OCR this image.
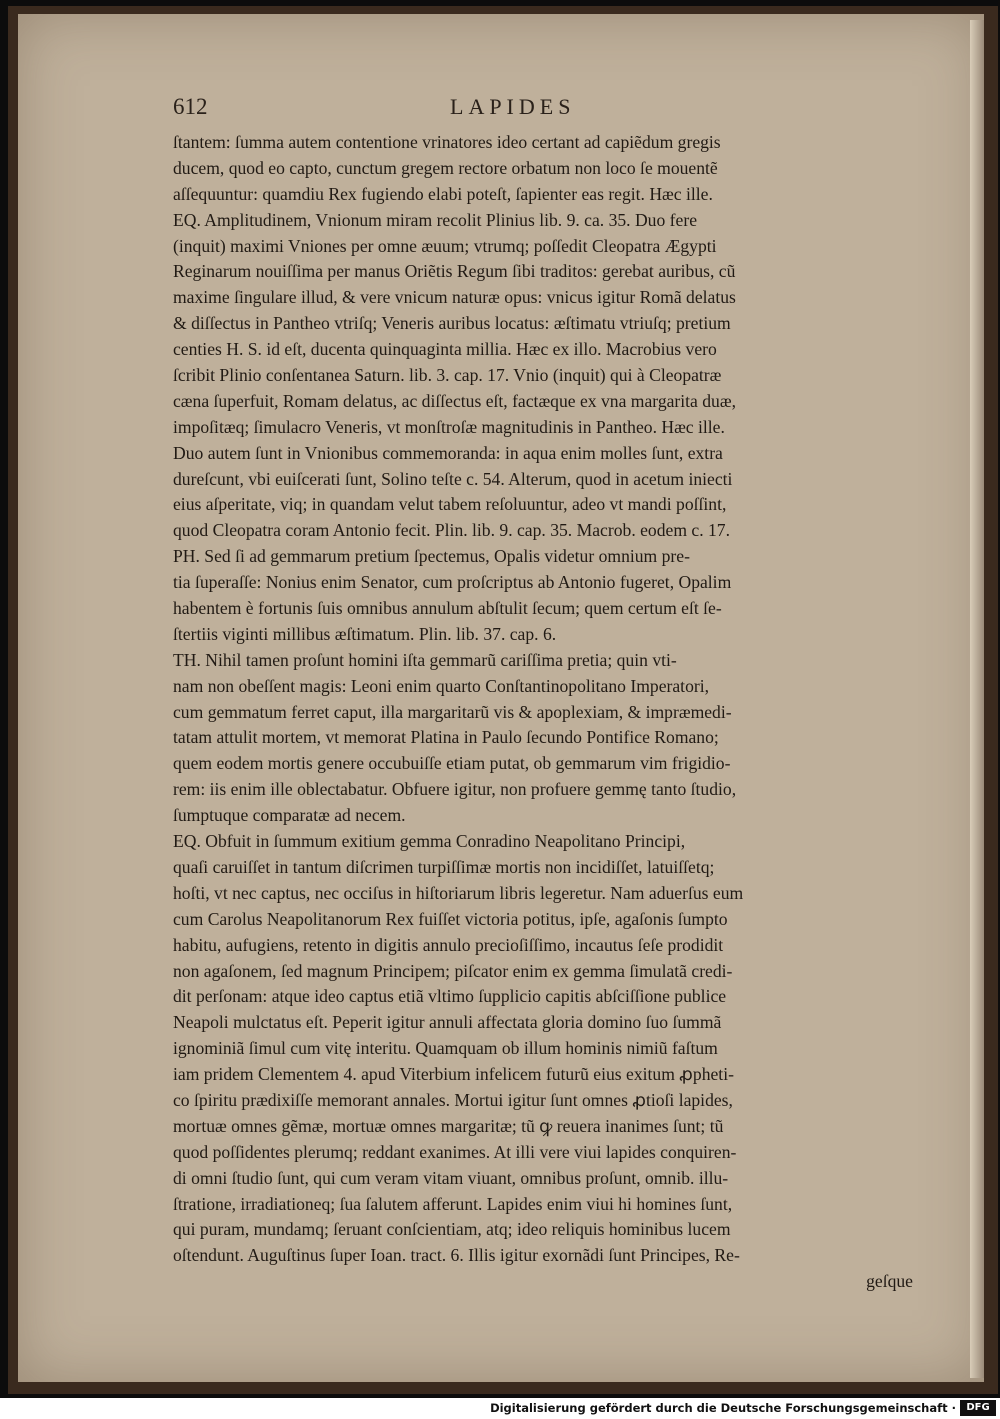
612	LAPIDES
ſtantem: ſumma autem contentione vrinatores ideo certant ad capiẽdum gregis
ducem, quod eo capto, cunctum gregem rectore orbatum non loco ſe mouentẽ
aſſequuntur: quamdiu Rex fugiendo elabi poteſt, ſapienter eas regit. Hæc ille.
EQ. Amplitudinem, Vnionum miram recolit Plinius lib. 9. ca. 35. Duo fere
(inquit) maximi Vniones per omne æuum; vtrumq; poſſedit Cleopatra Ægypti
Reginarum nouiſſima per manus Oriẽtis Regum ſibi traditos: gerebat auribus, cũ
maxime ſingulare illud, & vere vnicum naturæ opus: vnicus igitur Romã delatus
& diſſectus in Pantheo vtriſq; Veneris auribus locatus: æſtimatu vtriuſq; pretium
centies H. S. id eſt, ducenta quinquaginta millia. Hæc ex illo. Macrobius vero
ſcribit Plinio conſentanea Saturn. lib. 3. cap. 17. Vnio (inquit) qui à Cleopatræ
cæna ſuperfuit, Romam delatus, ac diſſectus eſt, factæque ex vna margarita duæ,
impoſitæq; ſimulacro Veneris, vt monſtroſæ magnitudinis in Pantheo. Hæc ille.
Duo autem ſunt in Vnionibus commemoranda: in aqua enim molles ſunt, extra
dureſcunt, vbi euiſcerati ſunt, Solino teſte c. 54. Alterum, quod in acetum iniecti
eius aſperitate, viq; in quandam velut tabem reſoluuntur, adeo vt mandi poſſint,
quod Cleopatra coram Antonio fecit. Plin. lib. 9. cap. 35. Macrob. eodem c. 17.
PH. Sed ſi ad gemmarum pretium ſpectemus, Opalis videtur omnium pre-
tia ſuperaſſe: Nonius enim Senator, cum proſcriptus ab Antonio fugeret, Opalim
habentem è fortunis ſuis omnibus annulum abſtulit ſecum; quem certum eſt ſe-
ſtertiis viginti millibus æſtimatum. Plin. lib. 37. cap. 6.
TH. Nihil tamen proſunt homini iſta gemmarũ cariſſima pretia; quin vti-
nam non obeſſent magis: Leoni enim quarto Conſtantinopolitano Imperatori,
cum gemmatum ferret caput, illa margaritarũ vis & apoplexiam, & impræmedi-
tatam attulit mortem, vt memorat Platina in Paulo ſecundo Pontifice Romano;
quem eodem mortis genere occubuiſſe etiam putat, ob gemmarum vim frigidio-
rem: iis enim ille oblectabatur. Obfuere igitur, non profuere gemmę tanto ſtudio,
ſumptuque comparatæ ad necem.
EQ. Obfuit in ſummum exitium gemma Conradino Neapolitano Principi,
quaſi caruiſſet in tantum diſcrimen turpiſſimæ mortis non incidiſſet, latuiſſetq;
hoſti, vt nec captus, nec occiſus in hiſtoriarum libris legeretur. Nam aduerſus eum
cum Carolus Neapolitanorum Rex fuiſſet victoria potitus, ipſe, agaſonis ſumpto
habitu, aufugiens, retento in digitis annulo precioſiſſimo, incautus ſeſe prodidit
non agaſonem, ſed magnum Principem; piſcator enim ex gemma ſimulatã credi-
dit perſonam: atque ideo captus etiã vltimo ſupplicio capitis abſciſſione publice
Neapoli mulctatus eſt. Peperit igitur annuli affectata gloria domino ſuo ſummã
ignominiã ſimul cum vitę interitu. Quamquam ob illum hominis nimiũ faſtum
iam pridem Clementem 4. apud Viterbium infelicem futurũ eius exitum ꝓpheti-
co ſpiritu prædixiſſe memorant annales. Mortui igitur ſunt omnes ꝓtioſi lapides,
mortuæ omnes gẽmæ, mortuæ omnes margaritæ; tũ ꝙ reuera inanimes ſunt; tũ
quod poſſidentes plerumq; reddant exanimes. At illi vere viui lapides conquiren-
di omni ſtudio ſunt, qui cum veram vitam viuant, omnibus proſunt, omnib. illu-
ſtratione, irradiationeq; ſua ſalutem afferunt. Lapides enim viui hi homines ſunt,
qui puram, mundamq; ſeruant conſcientiam, atq; ideo reliquis hominibus lucem
oſtendunt. Auguſtinus ſuper Ioan. tract. 6. Illis igitur exornãdi ſunt Principes, Re-
geſque
Digitalisierung gefördert durch die Deutsche Forschungsgemeinschaft ·	DFG
